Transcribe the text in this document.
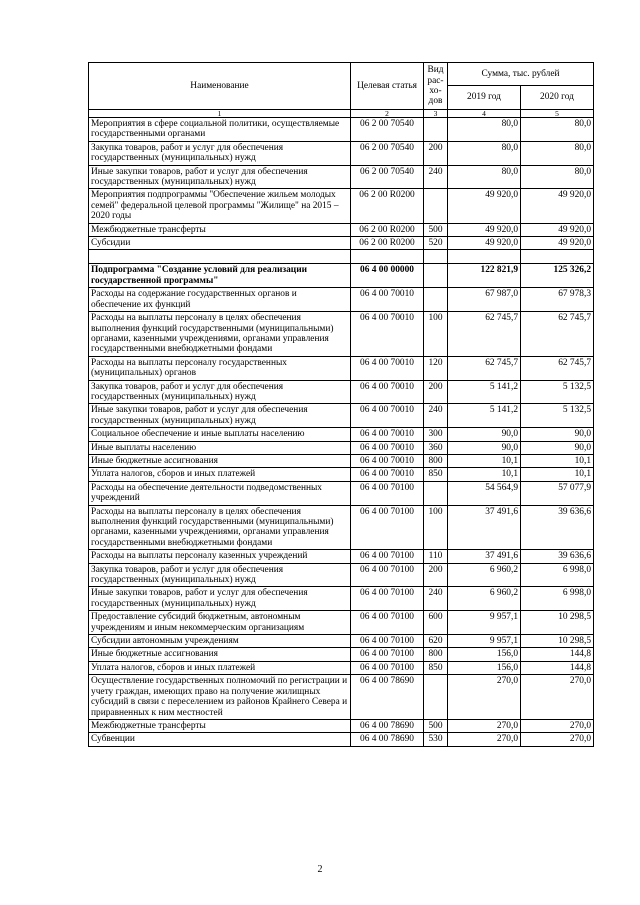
Наименование	Целевая статья	Вид рас- хо- дов	Сумма, тыс. рублей	
			2019 год	2020 год
1	2	3	4	5
Мероприятия в сфере социальной политики, осуществляемые государственными органами	06 2 00 70540		80,0	80,0
Закупка товаров, работ и услуг для обеспечения государственных (муниципальных) нужд	06 2 00 70540	200	80,0	80,0
Иные закупки товаров, работ и услуг для обеспечения государственных (муниципальных) нужд	06 2 00 70540	240	80,0	80,0
Мероприятия подпрограммы "Обеспечение жильем молодых семей" федеральной целевой программы "Жилище" на 2015 – 2020 годы	06 2 00 R0200		49 920,0	49 920,0
Межбюджетные трансферты	06 2 00 R0200	500	49 920,0	49 920,0
Субсидии	06 2 00 R0200	520	49 920,0	49 920,0

Подпрограмма "Создание условий для реализации государственной программы"	06 4 00 00000		122 821,9	125 326,2
Расходы на содержание государственных органов и обеспечение их функций	06 4 00 70010		67 987,0	67 978,3
Расходы на выплаты персоналу в целях обеспечения выполнения функций государственными (муниципальными) органами, казенными учреждениями, органами управления государственными внебюджетными фондами	06 4 00 70010	100	62 745,7	62 745,7
Расходы на выплаты персоналу государственных (муниципальных) органов	06 4 00 70010	120	62 745,7	62 745,7
Закупка товаров, работ и услуг для обеспечения государственных (муниципальных) нужд	06 4 00 70010	200	5 141,2	5 132,5
Иные закупки товаров, работ и услуг для обеспечения государственных (муниципальных) нужд	06 4 00 70010	240	5 141,2	5 132,5
Социальное обеспечение и иные выплаты населению	06 4 00 70010	300	90,0	90,0
Иные выплаты населению	06 4 00 70010	360	90,0	90,0
Иные бюджетные ассигнования	06 4 00 70010	800	10,1	10,1
Уплата налогов, сборов и иных платежей	06 4 00 70010	850	10,1	10,1
Расходы на обеспечение деятельности подведомственных учреждений	06 4 00 70100		54 564,9	57 077,9
Расходы на выплаты персоналу в целях обеспечения выполнения функций государственными (муниципальными) органами, казенными учреждениями, органами управления государственными внебюджетными фондами	06 4 00 70100	100	37 491,6	39 636,6
Расходы на выплаты персоналу казенных учреждений	06 4 00 70100	110	37 491,6	39 636,6
Закупка товаров, работ и услуг для обеспечения государственных (муниципальных) нужд	06 4 00 70100	200	6 960,2	6 998,0
Иные закупки товаров, работ и услуг для обеспечения государственных (муниципальных) нужд	06 4 00 70100	240	6 960,2	6 998,0
Предоставление субсидий бюджетным, автономным учреждениям и иным некоммерческим организациям	06 4 00 70100	600	9 957,1	10 298,5
Субсидии автономным учреждениям	06 4 00 70100	620	9 957,1	10 298,5
Иные бюджетные ассигнования	06 4 00 70100	800	156,0	144,8
Уплата налогов, сборов и иных платежей	06 4 00 70100	850	156,0	144,8
Осуществление государственных полномочий по регистрации и учету граждан, имеющих право на получение жилищных субсидий в связи с переселением из районов Крайнего Севера и приравненных к ним местностей	06 4 00 78690		270,0	270,0
Межбюджетные трансферты	06 4 00 78690	500	270,0	270,0
Субвенции	06 4 00 78690	530	270,0	270,0
2
